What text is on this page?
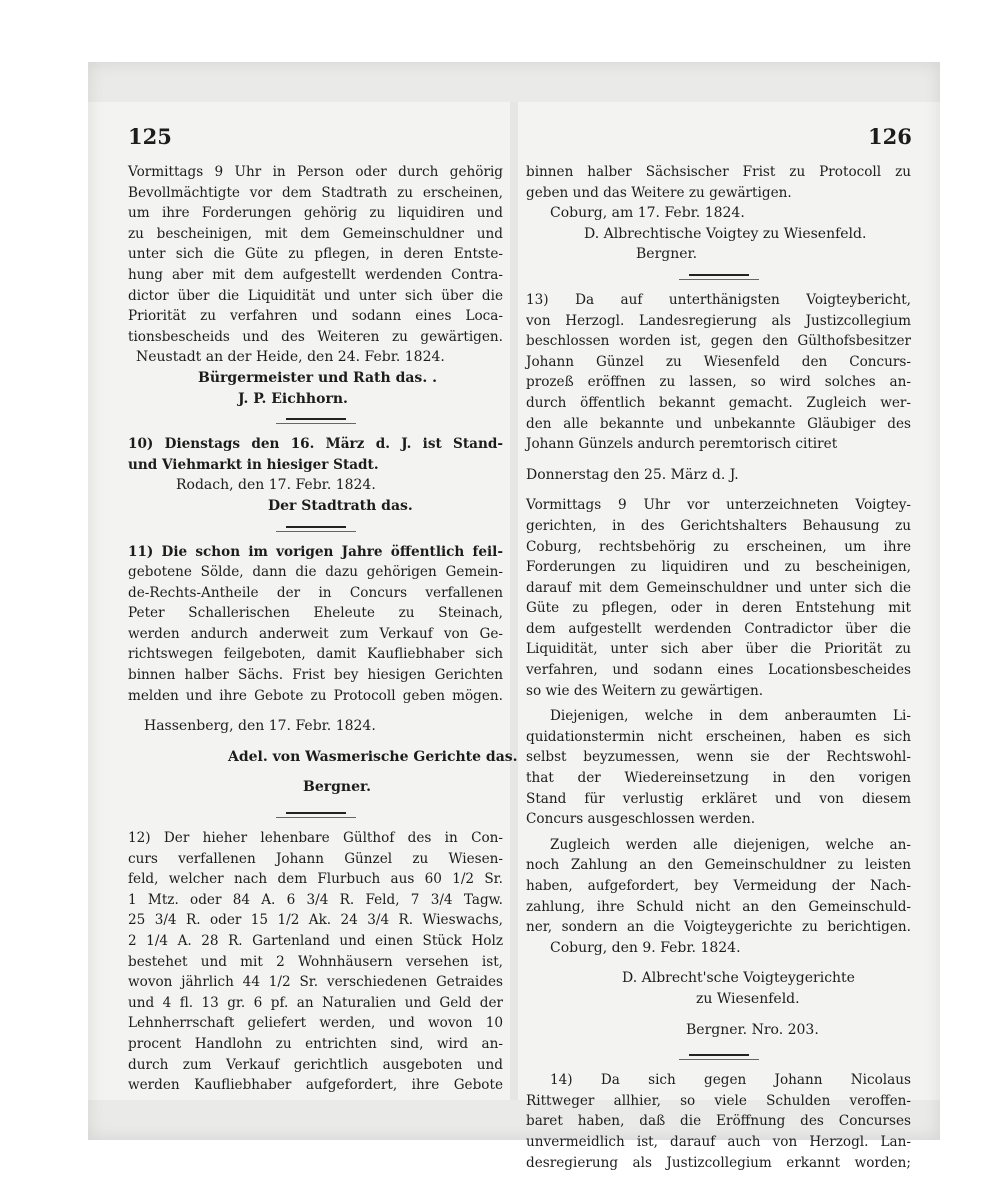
125	126
Vormittags 9 Uhr in Person oder durch gehörig
Bevollmächtigte vor dem Stadtrath zu erscheinen,
um ihre Forderungen gehörig zu liquidiren und
zu bescheinigen, mit dem Gemeinschuldner und
unter sich die Güte zu pflegen, in deren Entste-
hung aber mit dem aufgestellt werdenden Contra-
dictor über die Liquidität und unter sich über die
Priorität zu verfahren und sodann eines Loca-
tionsbescheids und des Weiteren zu gewärtigen.
Neustadt an der Heide, den 24. Febr. 1824.
Bürgermeister und Rath das. .
J. P. Eichhorn.
10) Dienstags den 16. März d. J. ist Stand-
und Viehmarkt in hiesiger Stadt.
Rodach, den 17. Febr. 1824.
Der Stadtrath das.
11) Die schon im vorigen Jahre öffentlich feil-
gebotene Sölde, dann die dazu gehörigen Gemein-
de-Rechts-Antheile der in Concurs verfallenen
Peter Schallerischen Eheleute zu Steinach,
werden andurch anderweit zum Verkauf von Ge-
richtswegen feilgeboten, damit Kaufliebhaber sich
binnen halber Sächs. Frist bey hiesigen Gerichten
melden und ihre Gebote zu Protocoll geben mögen.
Hassenberg, den 17. Febr. 1824.
Adel. von Wasmerische Gerichte das.
Bergner.
12) Der hieher lehenbare Gülthof des in Con-
curs verfallenen Johann Günzel zu Wiesen-
feld, welcher nach dem Flurbuch aus 60 1/2 Sr.
1 Mtz. oder 84 A. 6 3/4 R. Feld, 7 3/4 Tagw.
25 3/4 R. oder 15 1/2 Ak. 24 3/4 R. Wieswachs,
2 1/4 A. 28 R. Gartenland und einen Stück Holz
bestehet und mit 2 Wohnhäusern versehen ist,
wovon jährlich 44 1/2 Sr. verschiedenen Getraides
und 4 fl. 13 gr. 6 pf. an Naturalien und Geld der
Lehnherrschaft geliefert werden, und wovon 10
procent Handlohn zu entrichten sind, wird an-
durch zum Verkauf gerichtlich ausgeboten und
werden Kaufliebhaber aufgefordert, ihre Gebote
binnen halber Sächsischer Frist zu Protocoll zu
geben und das Weitere zu gewärtigen.
Coburg, am 17. Febr. 1824.
D. Albrechtische Voigtey zu Wiesenfeld.
Bergner.
13) Da auf unterthänigsten Voigteybericht,
von Herzogl. Landesregierung als Justizcollegium
beschlossen worden ist, gegen den Gülthofsbesitzer
Johann Günzel zu Wiesenfeld den Concurs-
prozeß eröffnen zu lassen, so wird solches an-
durch öffentlich bekannt gemacht. Zugleich wer-
den alle bekannte und unbekannte Gläubiger des
Johann Günzels andurch peremtorisch citiret
Donnerstag den 25. März d. J.
Vormittags 9 Uhr vor unterzeichneten Voigtey-
gerichten, in des Gerichtshalters Behausung zu
Coburg, rechtsbehörig zu erscheinen, um ihre
Forderungen zu liquidiren und zu bescheinigen,
darauf mit dem Gemeinschuldner und unter sich die
Güte zu pflegen, oder in deren Entstehung mit
dem aufgestellt werdenden Contradictor über die
Liquidität, unter sich aber über die Priorität zu
verfahren, und sodann eines Locationsbescheides
so wie des Weitern zu gewärtigen.
Diejenigen, welche in dem anberaumten Li-
quidationstermin nicht erscheinen, haben es sich
selbst beyzumessen, wenn sie der Rechtswohl-
that der Wiedereinsetzung in den vorigen
Stand für verlustig erkläret und von diesem
Concurs ausgeschlossen werden.
Zugleich werden alle diejenigen, welche an-
noch Zahlung an den Gemeinschuldner zu leisten
haben, aufgefordert, bey Vermeidung der Nach-
zahlung, ihre Schuld nicht an den Gemeinschuld-
ner, sondern an die Voigteygerichte zu berichtigen.
Coburg, den 9. Febr. 1824.
D. Albrecht'sche Voigteygerichte
zu Wiesenfeld.
Bergner. Nro. 203.
14) Da sich gegen Johann Nicolaus
Rittweger allhier, so viele Schulden veroffen-
baret haben, daß die Eröffnung des Concurses
unvermeidlich ist, darauf auch von Herzogl. Lan-
desregierung als Justizcollegium erkannt worden;
